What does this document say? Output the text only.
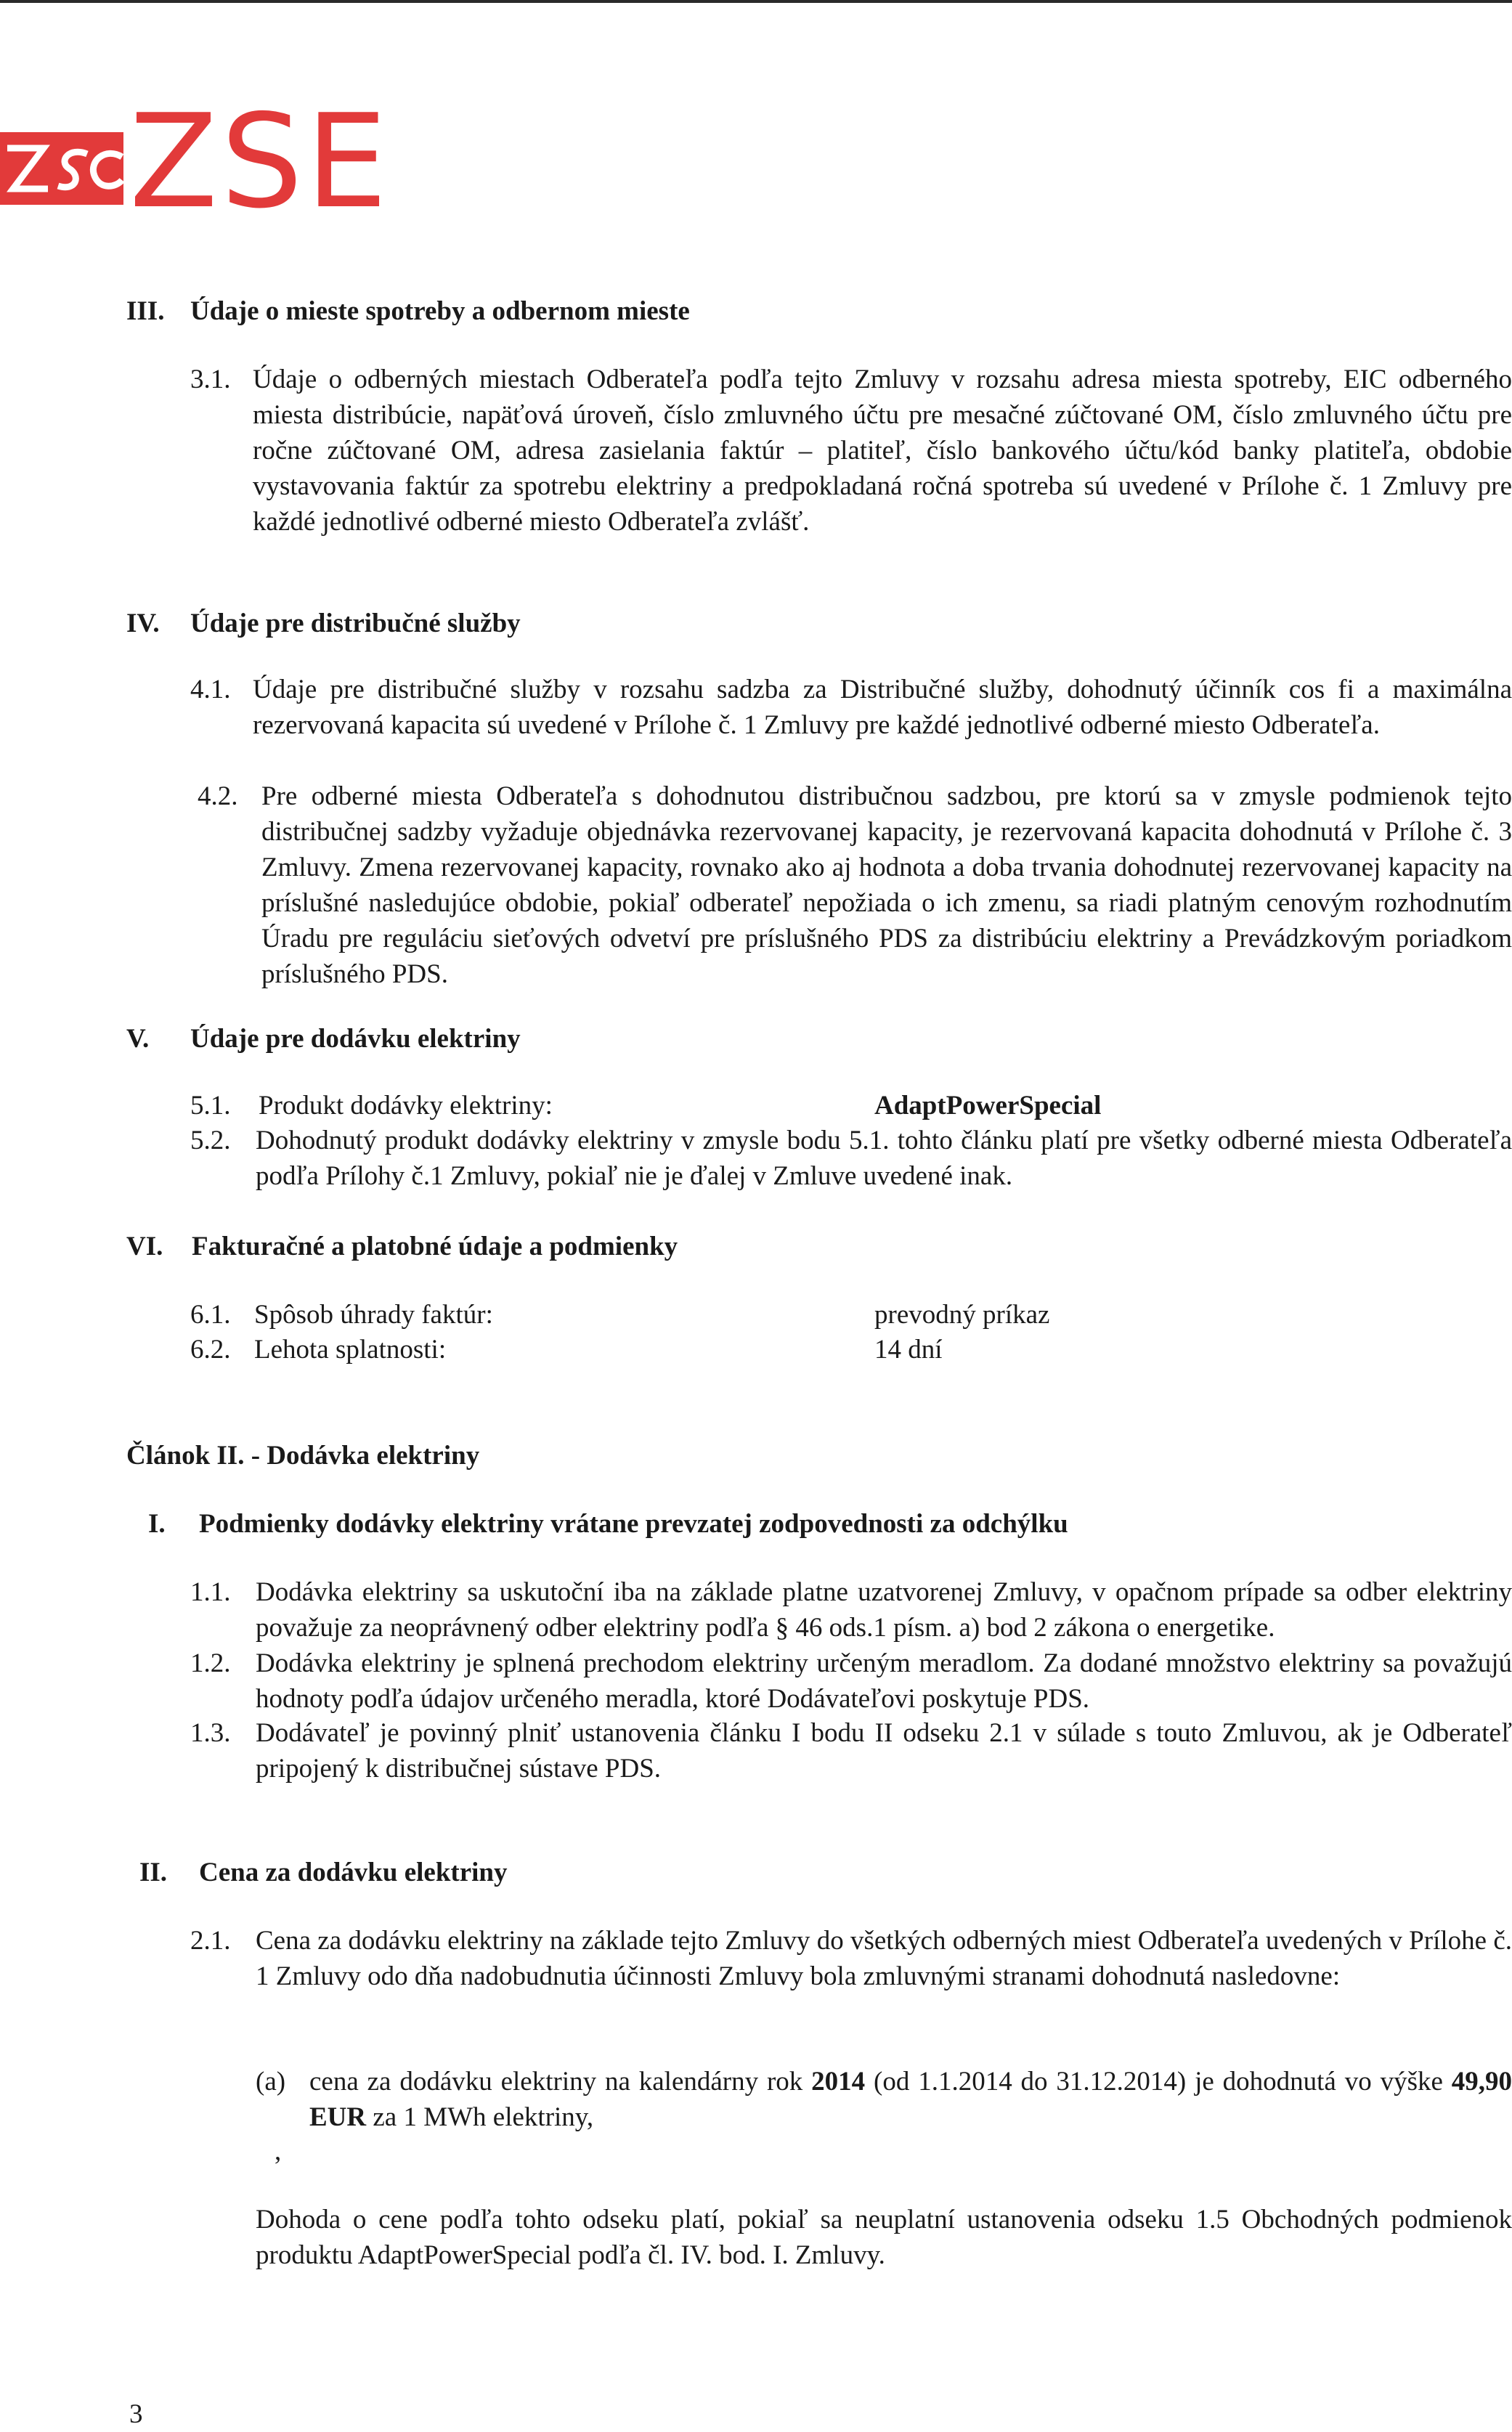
ZSE
III. Údaje o mieste spotreby a odbernom mieste
3.1. Údaje o odberných miestach Odberateľa podľa tejto Zmluvy v rozsahu adresa miesta spotreby, EIC odberného miesta distribúcie, napäťová úroveň, číslo zmluvného účtu pre mesačné zúčtované OM, číslo zmluvného účtu pre ročne zúčtované OM, adresa zasielania faktúr – platiteľ, číslo bankového účtu/kód banky platiteľa, obdobie vystavovania faktúr za spotrebu elektriny a predpokladaná ročná spotreba sú uvedené v Prílohe č. 1 Zmluvy pre každé jednotlivé odberné miesto Odberateľa zvlášť.
IV. Údaje pre distribučné služby
4.1. Údaje pre distribučné služby v rozsahu sadzba za Distribučné služby, dohodnutý účinník cos fi a maximálna rezervovaná kapacita sú uvedené v Prílohe č. 1 Zmluvy pre každé jednotlivé odberné miesto Odberateľa.
4.2. Pre odberné miesta Odberateľa s dohodnutou distribučnou sadzbou, pre ktorú sa v zmysle podmienok tejto distribučnej sadzby vyžaduje objednávka rezervovanej kapacity, je rezervovaná kapacita dohodnutá v Prílohe č. 3 Zmluvy. Zmena rezervovanej kapacity, rovnako ako aj hodnota a doba trvania dohodnutej rezervovanej kapacity na príslušné nasledujúce obdobie, pokiaľ odberateľ nepožiada o ich zmenu, sa riadi platným cenovým rozhodnutím Úradu pre reguláciu sieťových odvetví pre príslušného PDS za distribúciu elektriny a Prevádzkovým poriadkom príslušného PDS.
V. Údaje pre dodávku elektriny
5.1. Produkt dodávky elektriny:	AdaptPowerSpecial
5.2. Dohodnutý produkt dodávky elektriny v zmysle bodu 5.1. tohto článku platí pre všetky odberné miesta Odberateľa podľa Prílohy č.1 Zmluvy, pokiaľ nie je ďalej v Zmluve uvedené inak.
VI. Fakturačné a platobné údaje a podmienky
6.1. Spôsob úhrady faktúr:	prevodný príkaz
6.2. Lehota splatnosti:	14 dní
Článok II. - Dodávka elektriny
I. Podmienky dodávky elektriny vrátane prevzatej zodpovednosti za odchýlku
1.1. Dodávka elektriny sa uskutoční iba na základe platne uzatvorenej Zmluvy, v opačnom prípade sa odber elektriny považuje za neoprávnený odber elektriny podľa § 46 ods.1 písm. a) bod 2 zákona o energetike.
1.2. Dodávka elektriny je splnená prechodom elektriny určeným meradlom. Za dodané množstvo elektriny sa považujú hodnoty podľa údajov určeného meradla, ktoré Dodávateľovi poskytuje PDS.
1.3. Dodávateľ je povinný plniť ustanovenia článku I bodu II odseku 2.1 v súlade s touto Zmluvou, ak je Odberateľ pripojený k distribučnej sústave PDS.
II. Cena za dodávku elektriny
2.1. Cena za dodávku elektriny na základe tejto Zmluvy do všetkých odberných miest Odberateľa uvedených v Prílohe č. 1 Zmluvy odo dňa nadobudnutia účinnosti Zmluvy bola zmluvnými stranami dohodnutá nasledovne:
(a) cena za dodávku elektriny na kalendárny rok 2014 (od 1.1.2014 do 31.12.2014) je dohodnutá vo výške 49,90 EUR za 1 MWh elektriny,
,
Dohoda o cene podľa tohto odseku platí, pokiaľ sa neuplatní ustanovenia odseku 1.5 Obchodných podmienok produktu AdaptPowerSpecial podľa čl. IV. bod. I. Zmluvy.
3
